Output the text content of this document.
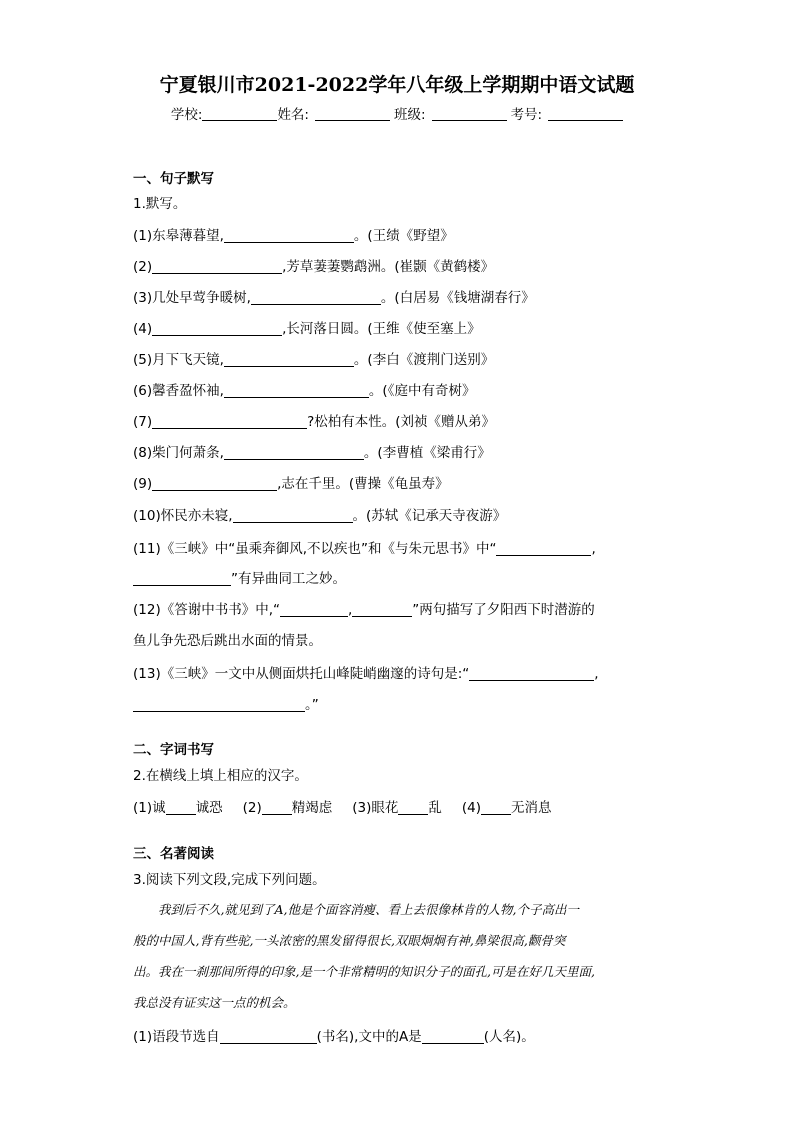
宁夏银川市2021-2022学年八年级上学期期中语文试题
学校:	姓名:	班级:	考号:
一、句子默写
1.默写。
(1)东皋薄暮望,	。(王绩《野望》
(2)	,芳草萋萋鹦鹉洲。(崔颢《黄鹤楼》
(3)几处早莺争暖树,	。(白居易《钱塘湖春行》
(4)	,长河落日圆。(王维《使至塞上》
(5)月下飞天镜,	。(李白《渡荆门送别》
(6)馨香盈怀袖,	。(《庭中有奇树》
(7)	?松柏有本性。(刘祯《赠从弟》
(8)柴门何萧条,	。(李曹植《梁甫行》
(9)	,志在千里。(曹操《龟虽寿》
(10)怀民亦未寝,	。(苏轼《记承天寺夜游》
(11)《三峡》中“虽乘奔御风,不以疾也”和《与朱元思书》中“	,
”有异曲同工之妙。
(12)《答谢中书书》中,“	,	”两句描写了夕阳西下时潜游的
鱼儿争先恐后跳出水面的情景。
(13)《三峡》一文中从侧面烘托山峰陡峭幽邃的诗句是:“	,
。”
二、字词书写
2.在横线上填上相应的汉字。
(1)诚 诚恐 (2) 精竭虑 (3)眼花 乱 (4) 无消息
三、名著阅读
3.阅读下列文段,完成下列问题。
我到后不久,就见到了A,他是个面容消瘦、看上去很像林肯的人物,个子高出一
般的中国人,背有些驼,一头浓密的黑发留得很长,双眼炯炯有神,鼻梁很高,颧骨突
出。我在一刹那间所得的印象,是一个非常精明的知识分子的面孔,可是在好几天里面,
我总没有证实这一点的机会。
(1)语段节选自	(书名),文中的A是	(人名)。
